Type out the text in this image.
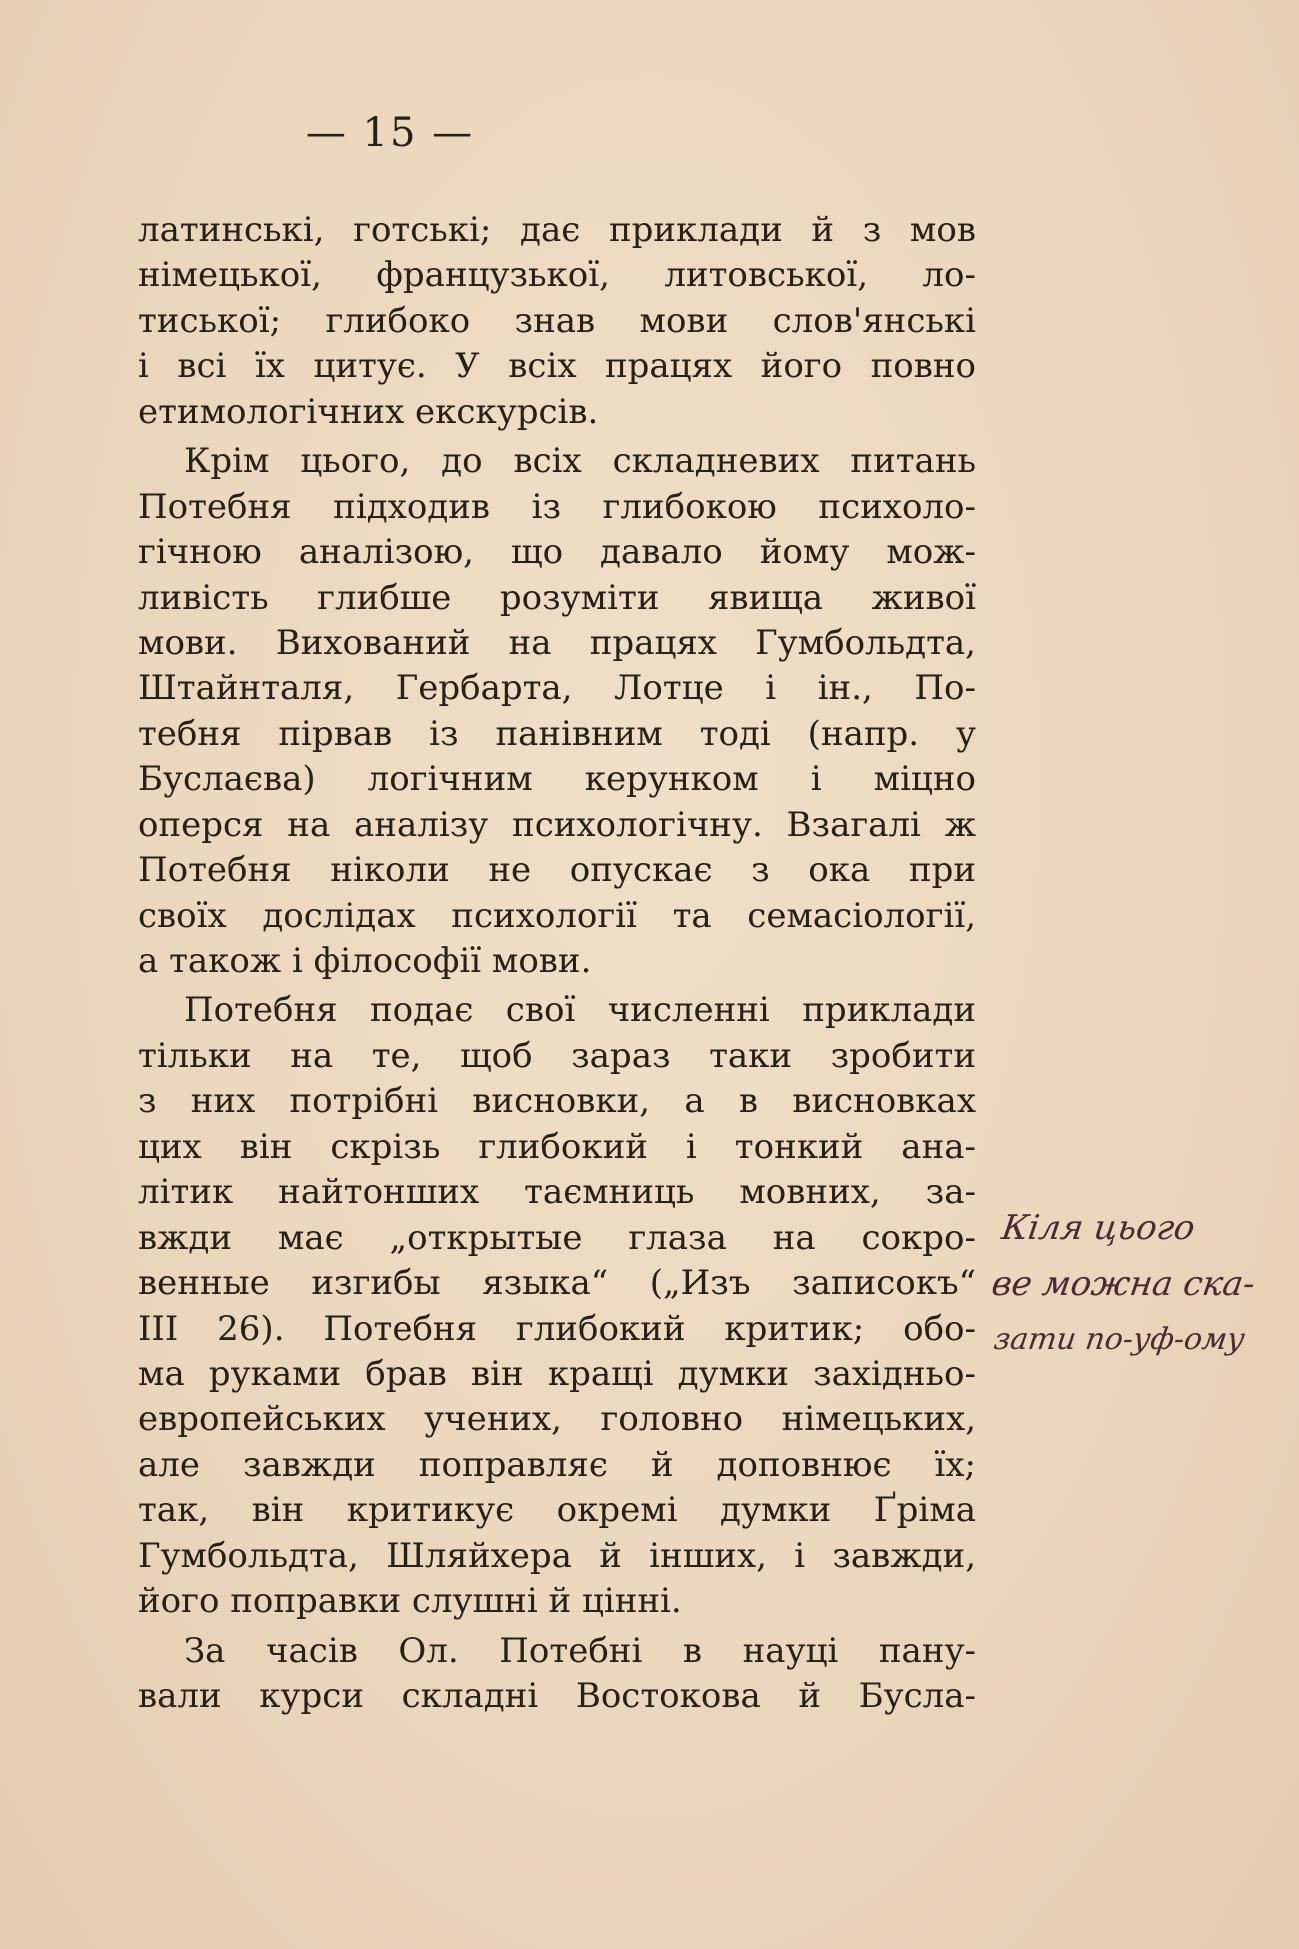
— 15 —
латинські, готські; дає приклади й з мов
німецької, французької, литовської, ло-
тиської; глибоко знав мови слов'янські
і всі їх цитує. У всіх працях його повно
етимологічних екскурсів.
Крім цього, до всіх складневих питань
Потебня підходив із глибокою психоло-
гічною аналізою, що давало йому мож-
ливість глибше розуміти явища живої
мови. Вихований на працях Гумбольдта,
Штайнталя, Гербарта, Лотце і ін., По-
тебня пірвав із панівним тоді (напр. у
Буслаєва) логічним керунком і міцно
оперся на аналізу психологічну. Взагалі ж
Потебня ніколи не опускає з ока при
своїх дослідах психології та семасіології,
а також і філософії мови.
Потебня подає свої численні приклади
тільки на те, щоб зараз таки зробити
з них потрібні висновки, а в висновках
цих він скрізь глибокий і тонкий ана-
літик найтонших таємниць мовних, за-
вжди має „открытые глаза на сокро-
венные изгибы языка“ („Изъ записокъ“
III 26). Потебня глибокий критик; обо-
ма руками брав він кращі думки західньо-
европейських учених, головно німецьких,
але завжди поправляє й доповнює їх;
так, він критикує окремі думки Ґріма
Гумбольдта, Шляйхера й інших, і завжди,
його поправки слушні й цінні.
За часів Ол. Потебні в науці пану-
вали курси складні Востокова й Бусла-
Кіля цього
ве можна ска-
зати по-уф-ому
